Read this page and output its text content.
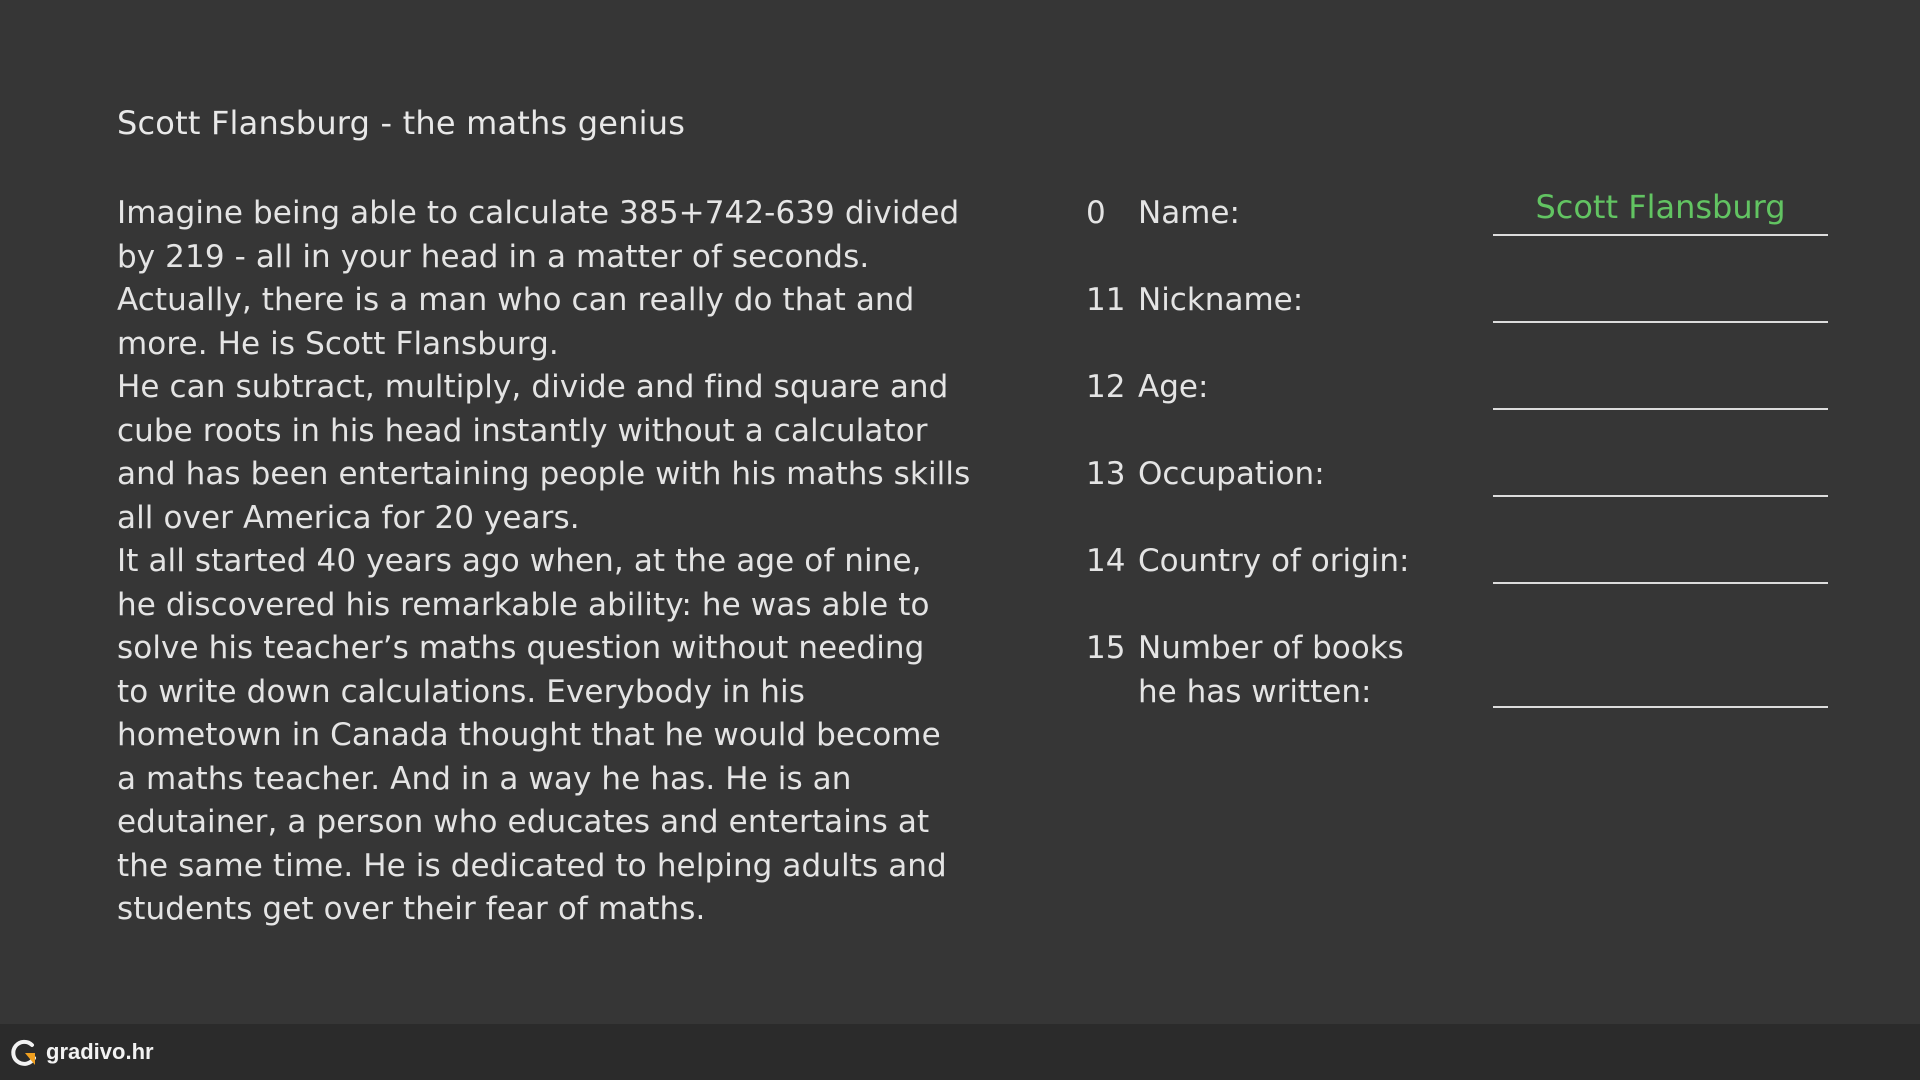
Scott Flansburg - the maths genius
Imagine being able to calculate 385+742-639 divided
by 219 - all in your head in a matter of seconds.
Actually, there is a man who can really do that and
more. He is Scott Flansburg.
He can subtract, multiply, divide and find square and
cube roots in his head instantly without a calculator
and has been entertaining people with his maths skills
all over America for 20 years.
It all started 40 years ago when, at the age of nine,
he discovered his remarkable ability: he was able to
solve his teacher’s maths question without needing
to write down calculations. Everybody in his
hometown in Canada thought that he would become
a maths teacher. And in a way he has. He is an
edutainer, a person who educates and entertains at
the same time. He is dedicated to helping adults and
students get over their fear of maths.
0 Name:	Scott Flansburg
11 Nickname:
12 Age:
13 Occupation:
14 Country of origin:
15 Number of books
he has written:
gradivo.hr
